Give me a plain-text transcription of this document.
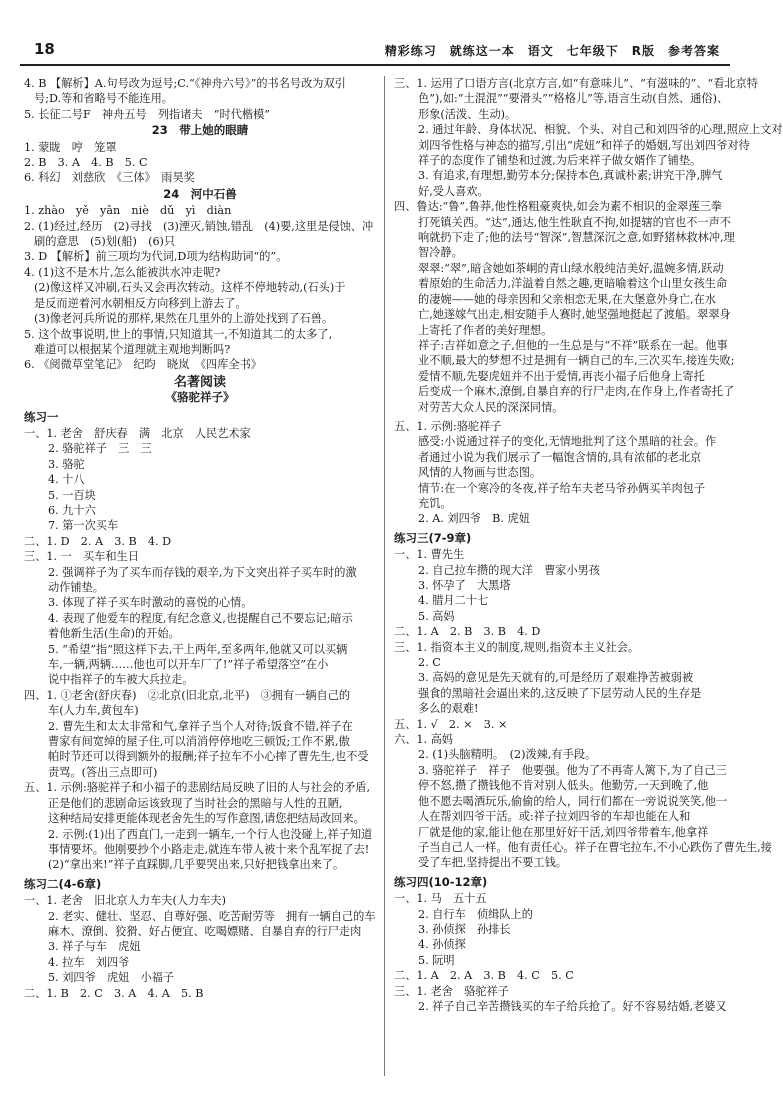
18	精彩练习　就练这一本　语文　七年级下　R版　参考答案
4. B 【解析】A.句号改为逗号;C.“《神舟六号》”的书名号改为双引
号;D.等和省略号不能连用。
5. 长征二号F　神舟五号　列指诸夫　“时代楷模”
23　带上她的眼睛
1. 蒙眬　哼　笼罩
2. B　3. A　4. B　5. C
6. 科幻　刘慈欣　《三体》　雨昊奖
24　河中石兽
1. zhào　yě　yān　niè　dǔ　yì　diàn
2. (1)经过,经历　(2)寻找　(3)湮灭,销蚀,错乱　(4)要,这里是侵蚀、冲
刷的意思　(5)划(船)　(6)只
3. D 【解析】前三项均为代词,D项为结构助词“的”。
4. (1)这不是木片,怎么能被洪水冲走呢?
(2)像这样又冲刷,石头又会再次转动。这样不停地转动,(石头)于
是反而逆着河水朝相反方向移到上游去了。
(3)像老河兵所说的那样,果然在几里外的上游处找到了石兽。
5. 这个故事说明,世上的事情,只知道其一,不知道其二的太多了,
难道可以根据某个道理就主观地判断吗?
6. 《阅微草堂笔记》　纪昀　晓岚　《四库全书》
名著阅读
《骆驼祥子》
练习一
一、1. 老舍　舒庆春　满　北京　人民艺术家
2. 骆驼祥子　三　三
3. 骆驼
4. 十八
5. 一百块
6. 九十六
7. 第一次买车
二、1. D　2. A　3. B　4. D
三、1. 一　买车和生日
2. 强调祥子为了买车而存钱的艰辛,为下文突出祥子买车时的激
动作铺垫。
3. 体现了祥子买车时激动的喜悦的心情。
4. 表现了他爱车的程度,有纪念意义,也提醒自己不要忘记;暗示
着他新生活(生命)的开始。
5. “希望”指“照这样下去,干上两年,至多两年,他就又可以买辆
车,一辆,两辆……他也可以开车厂了!”祥子希望落空”在小
说中指祥子的车被大兵拉走。
四、1. ①老舍(舒庆春)　②北京(旧北京,北平)　③拥有一辆自己的
车(人力车,黄包车)
2. 曹先生和太太非常和气,拿祥子当个人对待;饭食不错,祥子在
曹家有间宽绰的屋子住,可以消消停停地吃三顿饭;工作不累,傲
帕时节还可以得到额外的报酬;祥子拉车不小心摔了曹先生,也不受
责骂。(答出三点即可)
五、1. 示例:骆驼祥子和小福子的悲剧结局反映了旧的人与社会的矛盾,
正是他们的悲剧命运该致现了当时社会的黑暗与人性的丑陋,
这种结局安排更能体现老舍先生的写作意图,请您把结局改回来。
2. 示例:(1)出了西直门,一走到一辆车,一个行人也没碰上,祥子知道
事情要坏。他刚要抄个小路走走,就连车带人被十来个乱军捉了去!
(2)“拿出来!”祥子直踩脚,几乎要哭出来,只好把钱拿出来了。
练习二(4-6章)
一、1. 老舍　旧北京人力车夫(人力车夫)
2. 老实、健壮、坚忍、自尊好强、吃苦耐劳等　拥有一辆自己的车
麻木、潦倒、狡猾、好占便宜、吃喝嫖赌、自暴自弃的行尸走肉
3. 祥子与车　虎妞
4. 拉车　刘四爷
5. 刘四爷　虎妞　小福子
二、1. B　2. C　3. A　4. A　5. B
三、1. 运用了口语方言(北京方言,如“有意味儿”、“有滋味的”、“看北京特
色”),如:“土混混”“要滑头”“格格儿”等,语言生动(自然、通俗)、
形象(活泼、生动)。
2. 通过年龄、身体状况、相貌、个头、对自己和刘四爷的心理,照应上文对
刘四爷性格与神态的描写,引出“虎妞”和祥子的婚姻,写出刘四爷对待
祥子的态度作了铺垫和过渡,为后来祥子做女婿作了铺垫。
3. 有追求,有理想,勤劳本分;保持本色,真诚朴素;讲究干净,脾气
好,受人喜欢。
四、鲁达:“鲁”,鲁莽,他性格粗豪爽快,如会为素不相识的金翠莲三拳
打死镇关西。“达”,通达,他生性耿直不拘,如提辖的官也不一声不
响就扔下走了;他的法号“智深”,智慧深沉之意,如野猪林救林冲,理
智冷静。
翠翠:“翠”,暗含她如茶峒的青山绿水般纯洁美好,温婉多情,跃动
着原始的生命活力,洋溢着自然之趣,更暗喻着这个山里女孩生命
的凄婉——她的母亲因和父亲相恋无果,在大堡意外身亡,在水
亡,她遂嫁气出走,相安随手人赛时,她坚强地挺起了渡船。翠翠身
上寄托了作者的美好理想。
祥子:吉祥如意之子,但他的一生总是与“不祥”联系在一起。他事
业不顺,最大的梦想不过是拥有一辆自己的车,三次买车,接连失败;
爱情不顺,先娶虎妞并不出于爱情,再丧小福子后他身上寄托
后变成一个麻木,潦倒,自暴自弃的行尸走肉,在作身上,作者寄托了
对劳苦大众人民的深深同情。
五、1. 示例:骆驼祥子
感受:小说通过祥子的变化,无情地批判了这个黑暗的社会。作
者通过小说为我们展示了一幅饱含情的,具有浓郁的老北京
风情的人物画与世态图。
情节:在一个寒冷的冬夜,祥子给车夫老马爷孙俩买羊肉包子
充饥。
2. A. 刘四爷　B. 虎妞
练习三(7-9章)
一、1. 曹先生
2. 自己拉车攒的现大洋　曹家小男孩
3. 怀孕了　大黑塔
4. 腊月二十七
5. 高妈
二、1. A　2. B　3. B　4. D
三、1. 指资本主义的制度,规则,指资本主义社会。
2. C
3. 高妈的意见是先天就有的,可是经历了艰难挣苦被弱被
强食的黑暗社会逼出来的,这反映了下层劳动人民的生存是
多么的艰难!
五、1. √　2. ×　3. ×
六、1. 高妈
2. (1)头脑精明。　(2)泼辣,有手段。
3. 骆驼祥子　祥子　他要强。他为了不再寄人篱下,为了自己三
停不怒,攒了攒钱他不肯对别人低头。他勤劳,一天到晚了,他
他不愿去喝酒玩乐,偷偷的给人，同行们都在一旁说说笑笑,他一
人在帮刘四爷干活。或:祥子拉刘四爷的车却也能在人和
厂就是他的家,能让他在那里好好干活,刘四爷带着车,他拿祥
子当自己人一样。他有责任心。祥子在曹宅拉车,不小心跌伤了曹先生,接
受了车把,坚持提出不要工钱。
练习四(10-12章)
一、1. 马　五十五
2. 自行车　侦缉队上的
3. 孙侦探　孙排长
4. 孙侦探
5. 阮明
二、1. A　2. A　3. B　4. C　5. C
三、1. 老舍　骆驼祥子
2. 祥子自己辛苦攒钱买的车子给兵抢了。好不容易结婚,老婆又
